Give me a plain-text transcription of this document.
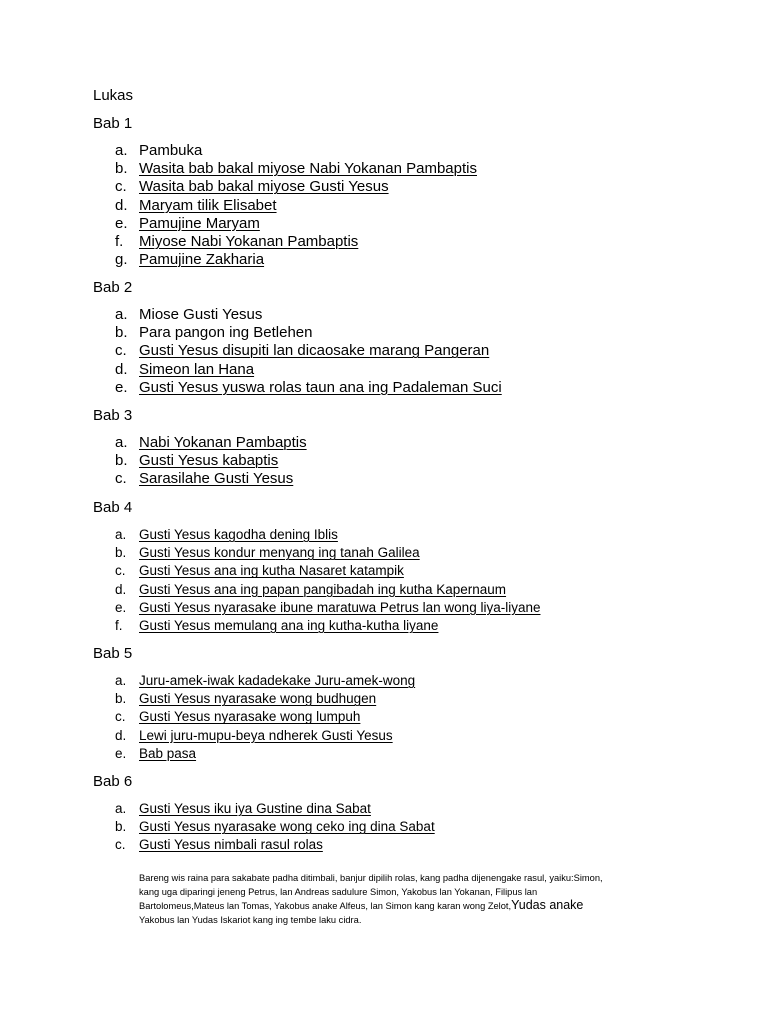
Lukas
Bab 1
a. Pambuka
b. Wasita bab bakal miyose Nabi Yokanan Pambaptis
c. Wasita bab bakal miyose Gusti Yesus
d. Maryam tilik Elisabet
e. Pamujine Maryam
f. Miyose Nabi Yokanan Pambaptis
g. Pamujine Zakharia
Bab 2
a. Miose Gusti Yesus
b. Para pangon ing Betlehen
c. Gusti Yesus disupiti lan dicaosake marang Pangeran
d. Simeon lan Hana
e. Gusti Yesus yuswa rolas taun ana ing Padaleman Suci
Bab 3
a. Nabi Yokanan Pambaptis
b. Gusti Yesus kabaptis
c. Sarasilahe Gusti Yesus
Bab 4
a. Gusti Yesus kagodha dening Iblis
b. Gusti Yesus kondur menyang ing tanah Galilea
c. Gusti Yesus ana ing kutha Nasaret katampik
d. Gusti Yesus ana ing papan pangibadah ing kutha Kapernaum
e. Gusti Yesus nyarasake ibune maratuwa Petrus lan wong liya-liyane
f. Gusti Yesus memulang ana ing kutha-kutha liyane
Bab 5
a. Juru-amek-iwak kadadekake Juru-amek-wong
b. Gusti Yesus nyarasake wong budhugen
c. Gusti Yesus nyarasake wong lumpuh
d. Lewi juru-mupu-beya ndherek Gusti Yesus
e. Bab pasa
Bab 6
a. Gusti Yesus iku iya Gustine dina Sabat
b. Gusti Yesus nyarasake wong ceko ing dina Sabat
c. Gusti Yesus nimbali rasul rolas
Bareng wis raina para sakabate padha ditimbali, banjur dipilih rolas, kang padha dijenengake rasul, yaiku:Simon,
kang uga diparingi jeneng Petrus, lan Andreas sadulure Simon, Yakobus lan Yokanan, Filipus lan
Bartolomeus,Mateus lan Tomas, Yakobus anake Alfeus, lan Simon kang karan wong Zelot,Yudas anake
Yakobus lan Yudas Iskariot kang ing tembe laku cidra.
